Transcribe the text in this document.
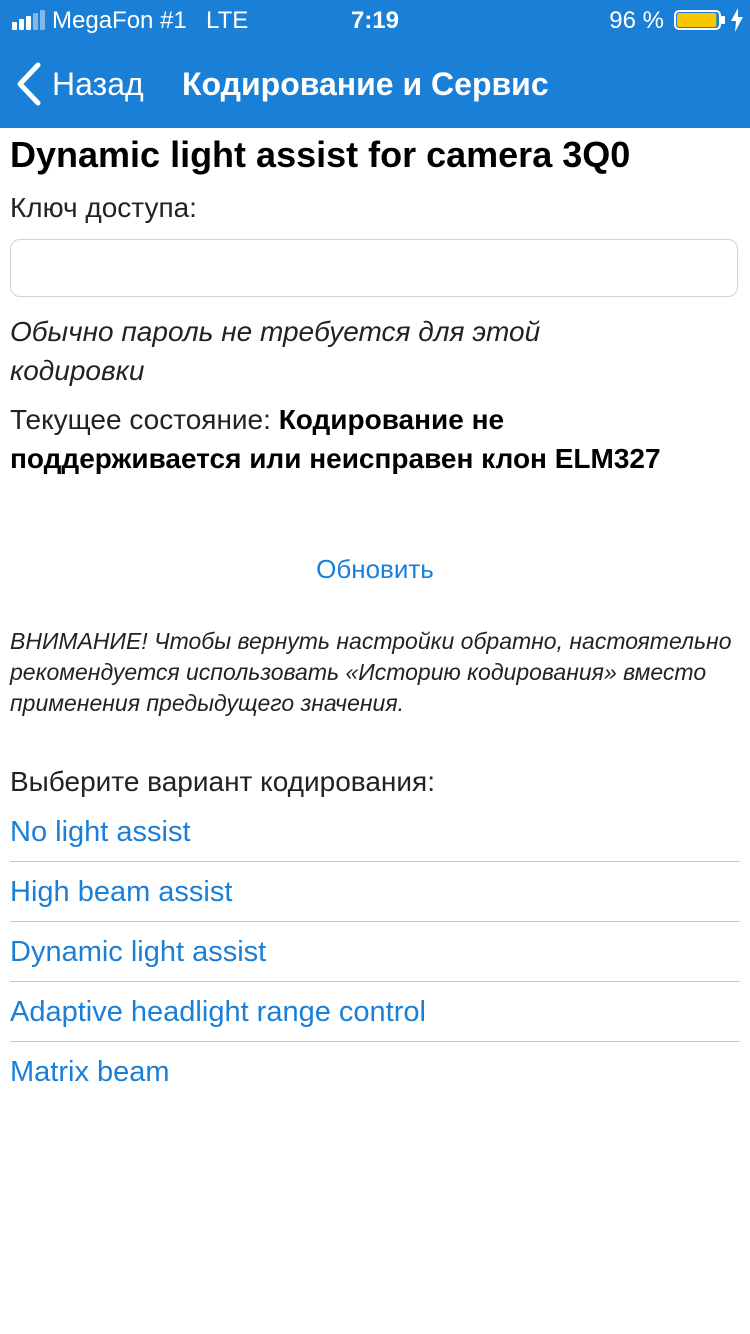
MegaFon #1 LTE	7:19	96 %
Назад Кодирование и Сервис
Dynamic light assist for camera 3Q0
Ключ доступа:
Обычно пароль не требуется для этой кодировки
Текущее состояние: Кодирование не поддерживается или неисправен клон ELM327
Обновить
ВНИМАНИЕ! Чтобы вернуть настройки обратно, настоятельно рекомендуется использовать «Историю кодирования» вместо применения предыдущего значения.
Выберите вариант кодирования:
No light assist
High beam assist
Dynamic light assist
Adaptive headlight range control
Matrix beam
